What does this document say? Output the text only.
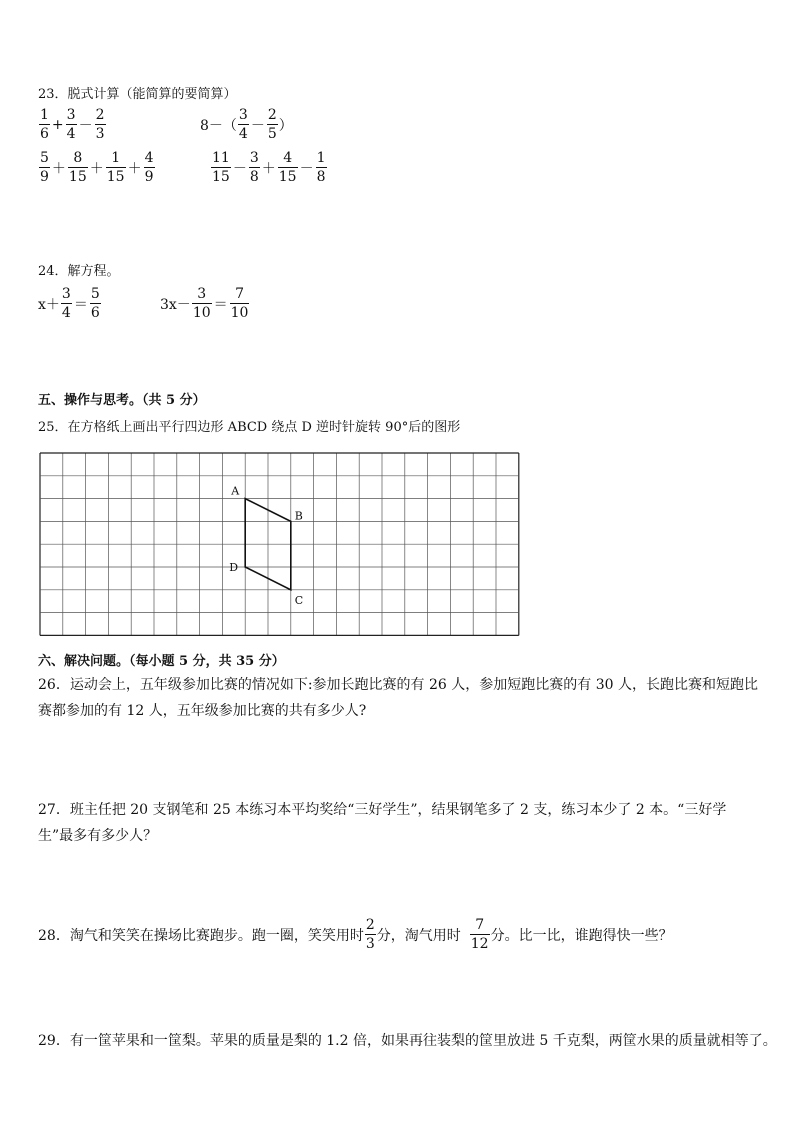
23．脱式计算（能简算的要简算）
$\frac{1}{6} + \frac{3}{4} - \frac{2}{3}$	$8-( \frac{3}{4} - \frac{2}{5}$ ）
$\frac{5}{9} + \frac{8}{15} + \frac{1}{15} + \frac{4}{9}$	$\frac{11}{15} - \frac{3}{8} + \frac{4}{15} - \frac{1}{8}$
24．解方程。
$x+ \frac{3}{4} = \frac{5}{6}$	$3x- \frac{3}{10} = \frac{7}{10}$
五、操作与思考。（共 5 分）
25．在方格纸上画出平行四边形 ABCD 绕点 D 逆时针旋转 90°后的图形
A
B
C
D
六、解决问题。（每小题 5 分，共 35 分）
26．运动会上，五年级参加比赛的情况如下:参加长跑比赛的有 26 人，参加短跑比赛的有 30 人，长跑比赛和短跑比赛都参加的有 12 人，五年级参加比赛的共有多少人?
27．班主任把 20 支钢笔和 25 本练习本平均奖给“三好学生”，结果钢笔多了 2 支，练习本少了 2 本。“三好学生”最多有多少人？
28．淘气和笑笑在操场比赛跑步。跑一圈，笑笑用时 $\frac{2}{3}$ 分，淘气用时 $\frac{7}{12}$ 分。比一比，谁跑得快一些？
29．有一筐苹果和一筐梨。苹果的质量是梨的 1.2 倍，如果再往装梨的筐里放进 5 千克梨，两筐水果的质量就相等了。
